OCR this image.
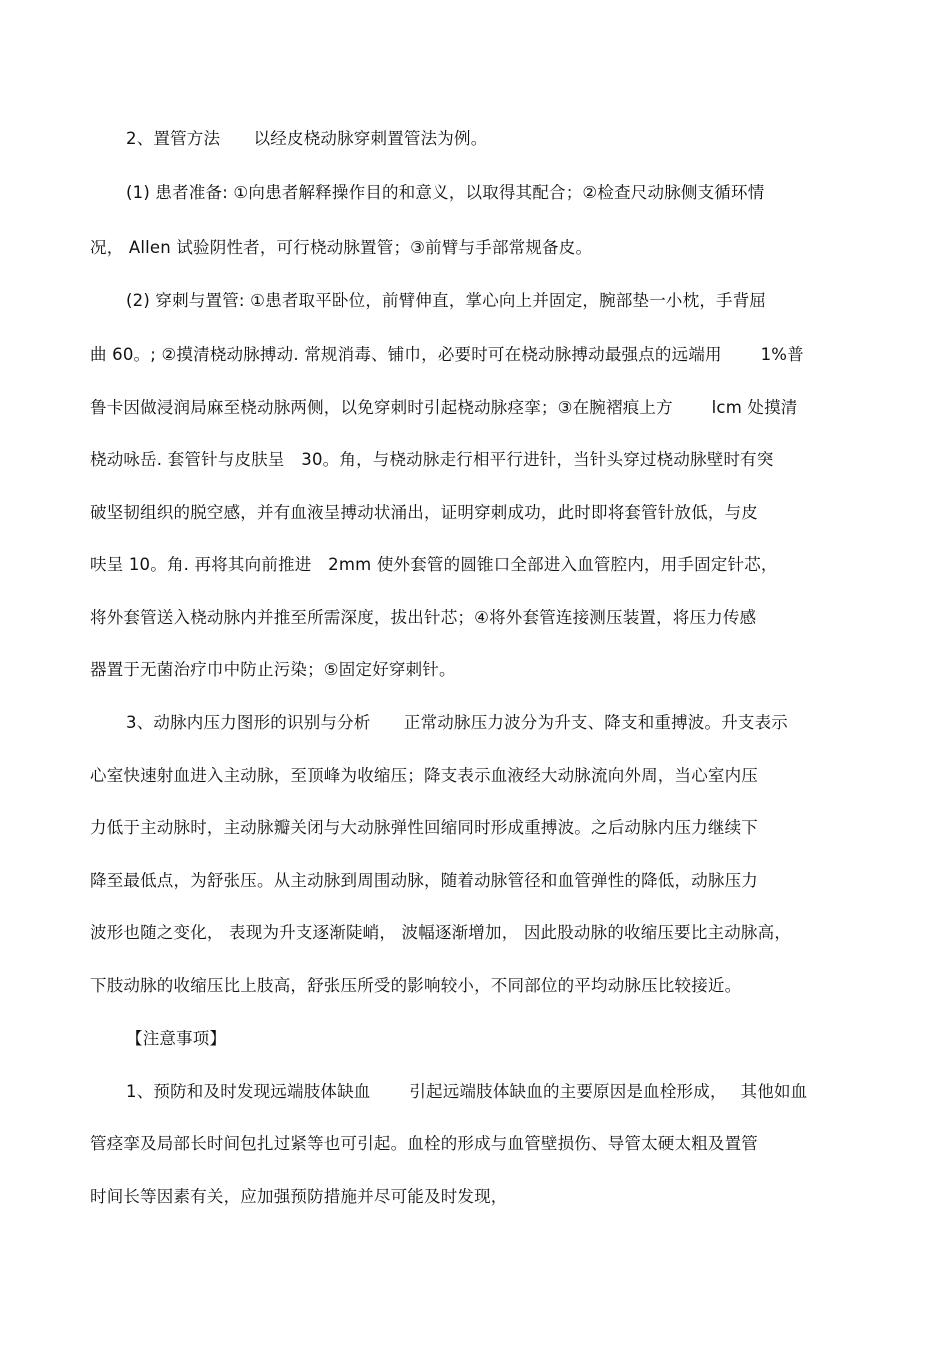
2、置管方法　　以经皮桡动脉穿刺置管法为例。
(1) 患者准备: ①向患者解释操作目的和意义，以取得其配合；②检查尺动脉侧支循环情
况， Allen 试验阴性者，可行桡动脉置管；③前臂与手部常规备皮。
(2) 穿刺与置管: ①患者取平卧位，前臂伸直，掌心向上并固定，腕部垫一小枕，手背屈
曲 60。; ②摸清桡动脉搏动. 常规消毒、铺巾，必要时可在桡动脉搏动最强点的远端用　　 1%普
鲁卡因做浸润局麻至桡动脉两侧，以免穿刺时引起桡动脉痉挛；③在腕褶痕上方　　 lcm 处摸清
桡动咏岳. 套管针与皮肤呈　30。角，与桡动脉走行相平行进针，当针头穿过桡动脉壁时有突
破坚韧组织的脱空感，并有血液呈搏动状涌出，证明穿刺成功，此时即将套管针放低，与皮
呋呈 10。角. 再将其向前推进　2mm 使外套管的圆锥口全部进入血管腔内，用手固定针芯，
将外套管送入桡动脉内并推至所需深度，拔出针芯；④将外套管连接测压装置，将压力传感
器置于无菌治疗巾中防止污染；⑤固定好穿刺针。
3、动脉内压力图形的识别与分析　　正常动脉压力波分为升支、降支和重搏波。升支表示
心室快速射血进入主动脉，至顶峰为收缩压；降支表示血液经大动脉流向外周，当心室内压
力低于主动脉时，主动脉瓣关闭与大动脉弹性回缩同时形成重搏波。之后动脉内压力继续下
降至最低点，为舒张压。从主动脉到周围动脉，随着动脉管径和血管弹性的降低，动脉压力
波形也随之变化， 表现为升支逐渐陡峭， 波幅逐渐增加， 因此股动脉的收缩压要比主动脉高，
下肢动脉的收缩压比上肢高，舒张压所受的影响较小，不同部位的平均动脉压比较接近。
【注意事项】
1、预防和及时发现远端肢体缺血　　 引起远端肢体缺血的主要原因是血栓形成，　 其他如血
管痉挛及局部长时间包扎过紧等也可引起。血栓的形成与血管壁损伤、导管太硬太粗及置管
时间长等因素有关，应加强预防措施并尽可能及时发现，
